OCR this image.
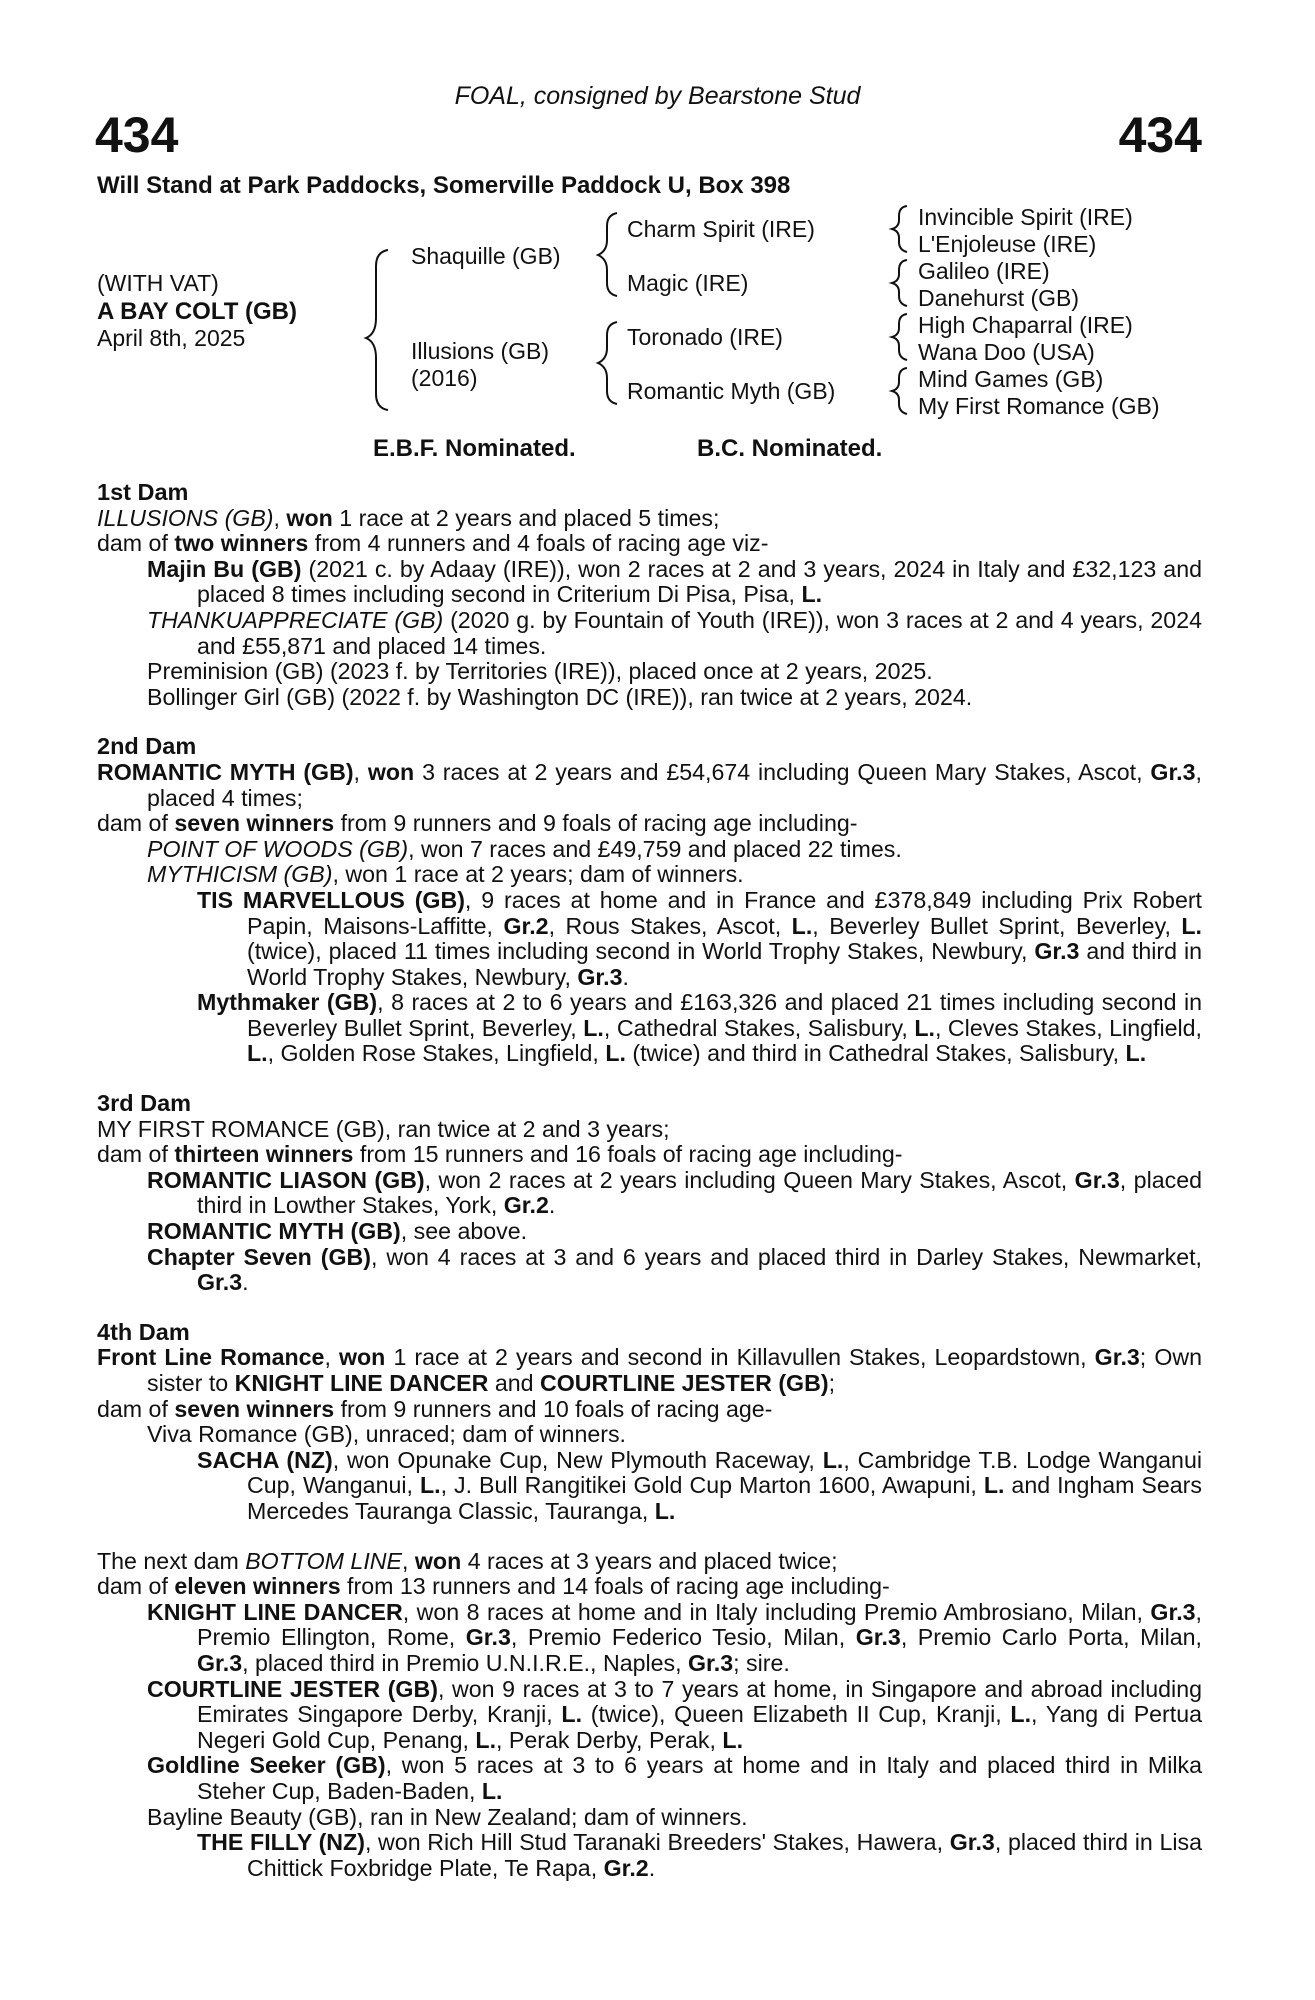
FOAL, consigned by Bearstone Stud
434	434
Will Stand at Park Paddocks, Somerville Paddock U, Box 398
(WITH VAT)
A BAY COLT (GB)
April 8th, 2025
Shaquille (GB)
Illusions (GB)
(2016)
Charm Spirit (IRE)
Magic (IRE)
Toronado (IRE)
Romantic Myth (GB)
Invincible Spirit (IRE)
L'Enjoleuse (IRE)
Galileo (IRE)
Danehurst (GB)
High Chaparral (IRE)
Wana Doo (USA)
Mind Games (GB)
My First Romance (GB)
E.B.F. Nominated.	B.C. Nominated.

1st Dam

ILLUSIONS (GB), won 1 race at 2 years and placed 5 times;

dam of two winners from 4 runners and 4 foals of racing age viz-

Majin Bu (GB) (2021 c. by Adaay (IRE)), won 2 races at 2 and 3 years, 2024 in Italy and £32,123 and placed 8 times including second in Criterium Di Pisa, Pisa, L.

THANKUAPPRECIATE (GB) (2020 g. by Fountain of Youth (IRE)), won 3 races at 2 and 4 years, 2024 and £55,871 and placed 14 times.

Preminision (GB) (2023 f. by Territories (IRE)), placed once at 2 years, 2025.

Bollinger Girl (GB) (2022 f. by Washington DC (IRE)), ran twice at 2 years, 2024.

2nd Dam

ROMANTIC MYTH (GB), won 3 races at 2 years and £54,674 including Queen Mary Stakes, Ascot, Gr.3, placed 4 times;

dam of seven winners from 9 runners and 9 foals of racing age including-

POINT OF WOODS (GB), won 7 races and £49,759 and placed 22 times.

MYTHICISM (GB), won 1 race at 2 years; dam of winners.

TIS MARVELLOUS (GB), 9 races at home and in France and £378,849 including Prix Robert Papin, Maisons-Laffitte, Gr.2, Rous Stakes, Ascot, L., Beverley Bullet Sprint, Beverley, L. (twice), placed 11 times including second in World Trophy Stakes, Newbury, Gr.3 and third in World Trophy Stakes, Newbury, Gr.3.

Mythmaker (GB), 8 races at 2 to 6 years and £163,326 and placed 21 times including second in Beverley Bullet Sprint, Beverley, L., Cathedral Stakes, Salisbury, L., Cleves Stakes, Lingfield, L., Golden Rose Stakes, Lingfield, L. (twice) and third in Cathedral Stakes, Salisbury, L.

3rd Dam

MY FIRST ROMANCE (GB), ran twice at 2 and 3 years;

dam of thirteen winners from 15 runners and 16 foals of racing age including-

ROMANTIC LIASON (GB), won 2 races at 2 years including Queen Mary Stakes, Ascot, Gr.3, placed third in Lowther Stakes, York, Gr.2.

ROMANTIC MYTH (GB), see above.

Chapter Seven (GB), won 4 races at 3 and 6 years and placed third in Darley Stakes, Newmarket, Gr.3.

4th Dam

Front Line Romance, won 1 race at 2 years and second in Killavullen Stakes, Leopardstown, Gr.3; Own sister to KNIGHT LINE DANCER and COURTLINE JESTER (GB);

dam of seven winners from 9 runners and 10 foals of racing age-

Viva Romance (GB), unraced; dam of winners.

SACHA (NZ), won Opunake Cup, New Plymouth Raceway, L., Cambridge T.B. Lodge Wanganui Cup, Wanganui, L., J. Bull Rangitikei Gold Cup Marton 1600, Awapuni, L. and Ingham Sears Mercedes Tauranga Classic, Tauranga, L.

The next dam BOTTOM LINE, won 4 races at 3 years and placed twice;

dam of eleven winners from 13 runners and 14 foals of racing age including-

KNIGHT LINE DANCER, won 8 races at home and in Italy including Premio Ambrosiano, Milan, Gr.3, Premio Ellington, Rome, Gr.3, Premio Federico Tesio, Milan, Gr.3, Premio Carlo Porta, Milan, Gr.3, placed third in Premio U.N.I.R.E., Naples, Gr.3; sire.

COURTLINE JESTER (GB), won 9 races at 3 to 7 years at home, in Singapore and abroad including Emirates Singapore Derby, Kranji, L. (twice), Queen Elizabeth II Cup, Kranji, L., Yang di Pertua Negeri Gold Cup, Penang, L., Perak Derby, Perak, L.

Goldline Seeker (GB), won 5 races at 3 to 6 years at home and in Italy and placed third in Milka Steher Cup, Baden-Baden, L.

Bayline Beauty (GB), ran in New Zealand; dam of winners.

THE FILLY (NZ), won Rich Hill Stud Taranaki Breeders' Stakes, Hawera, Gr.3, placed third in Lisa Chittick Foxbridge Plate, Te Rapa, Gr.2.
